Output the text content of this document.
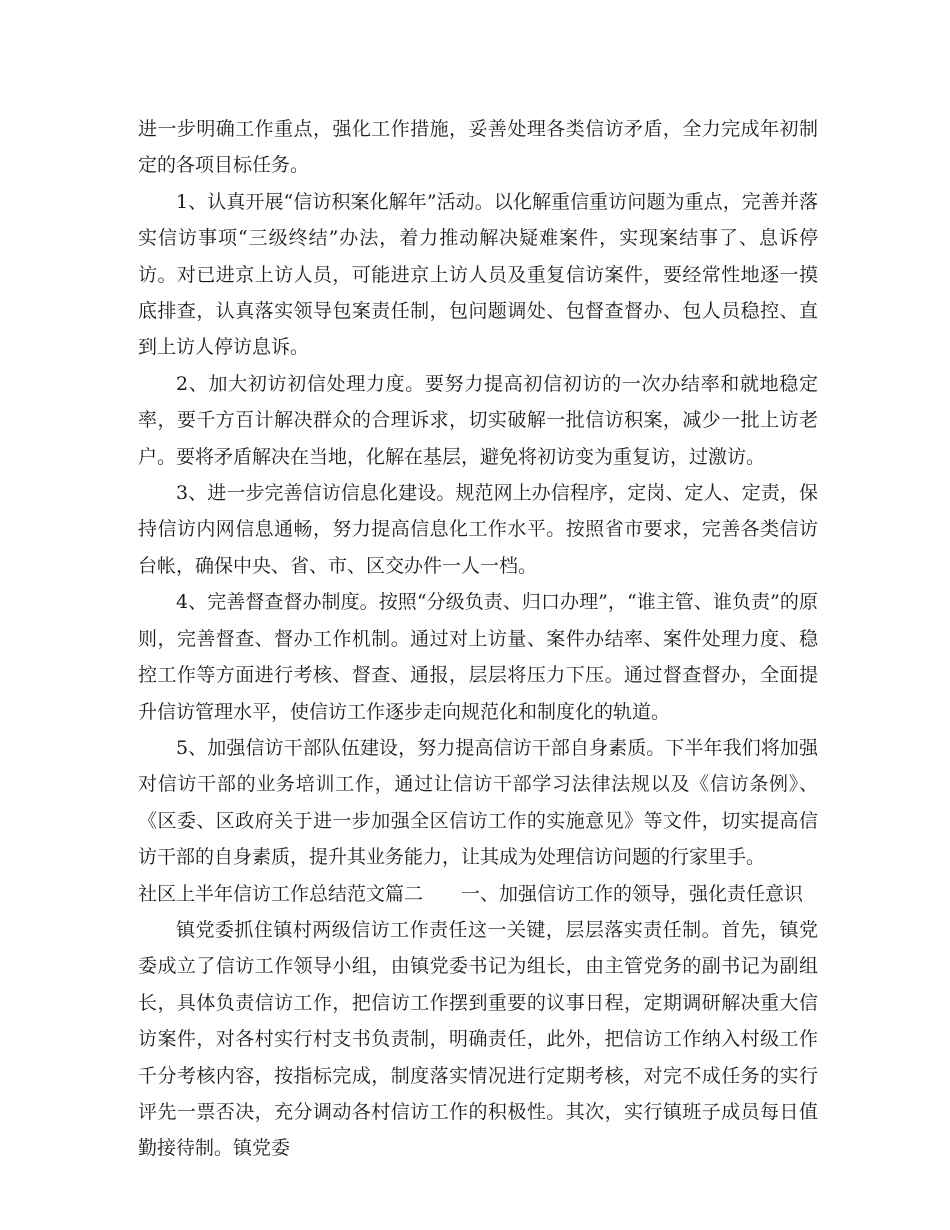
进一步明确工作重点，强化工作措施，妥善处理各类信访矛盾，全力完成年初制定的各项目标任务。

1、认真开展“信访积案化解年”活动。以化解重信重访问题为重点，完善并落实信访事项“三级终结”办法，着力推动解决疑难案件，实现案结事了、息诉停访。对已进京上访人员，可能进京上访人员及重复信访案件，要经常性地逐一摸底排查，认真落实领导包案责任制，包问题调处、包督查督办、包人员稳控、直到上访人停访息诉。

2、加大初访初信处理力度。要努力提高初信初访的一次办结率和就地稳定率，要千方百计解决群众的合理诉求，切实破解一批信访积案，减少一批上访老户。要将矛盾解决在当地，化解在基层，避免将初访变为重复访，过激访。

3、进一步完善信访信息化建设。规范网上办信程序，定岗、定人、定责，保持信访内网信息通畅，努力提高信息化工作水平。按照省市要求，完善各类信访台帐，确保中央、省、市、区交办件一人一档。

4、完善督查督办制度。按照“分级负责、归口办理”，“谁主管、谁负责”的原则，完善督查、督办工作机制。通过对上访量、案件办结率、案件处理力度、稳控工作等方面进行考核、督查、通报，层层将压力下压。通过督查督办，全面提升信访管理水平，使信访工作逐步走向规范化和制度化的轨道。

5、加强信访干部队伍建设，努力提高信访干部自身素质。下半年我们将加强对信访干部的业务培训工作，通过让信访干部学习法律法规以及《信访条例》、《区委、区政府关于进一步加强全区信访工作的实施意见》等文件，切实提高信访干部的自身素质，提升其业务能力，让其成为处理信访问题的行家里手。

社区上半年信访工作总结范文篇二 一、加强信访工作的领导，强化责任意识

镇党委抓住镇村两级信访工作责任这一关键，层层落实责任制。首先，镇党委成立了信访工作领导小组，由镇党委书记为组长，由主管党务的副书记为副组长，具体负责信访工作，把信访工作摆到重要的议事日程，定期调研解决重大信访案件，对各村实行村支书负责制，明确责任，此外，把信访工作纳入村级工作千分考核内容，按指标完成，制度落实情况进行定期考核，对完不成任务的实行评先一票否决，充分调动各村信访工作的积极性。其次，实行镇班子成员每日值勤接待制。镇党委
